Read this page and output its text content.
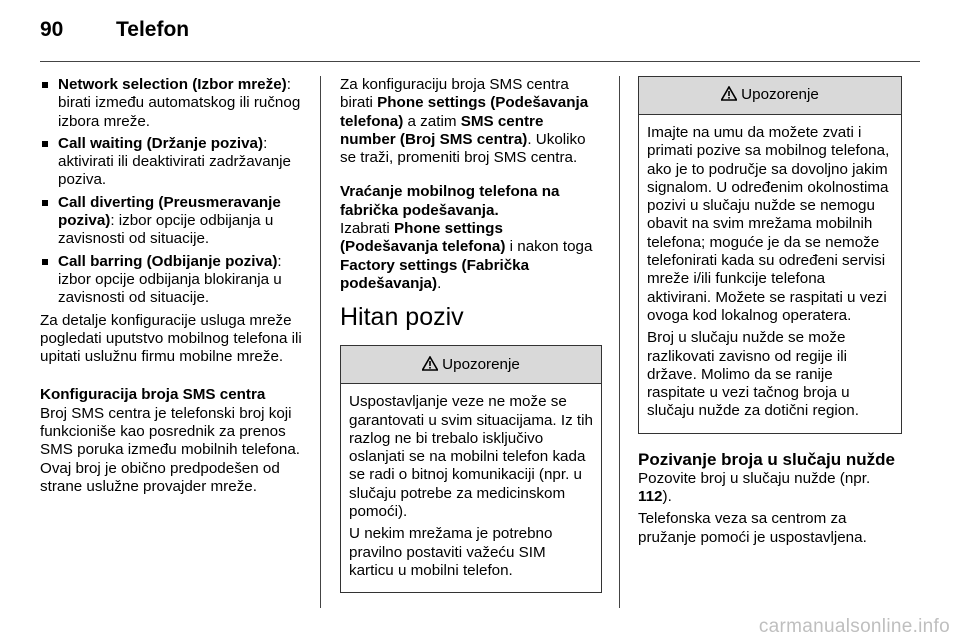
90	Telefon
Network selection (Izbor mreže):
birati između automatskog ili ručnog izbora mreže.
Call waiting (Držanje poziva):
aktivirati ili deaktivirati zadržavanje poziva.
Call diverting (Preusmeravanje poziva): izbor opcije odbijanja u zavisnosti od situacije.
Call barring (Odbijanje poziva):
izbor opcije odbijanja blokiranja u zavisnosti od situacije.
Za detalje konfiguracije usluga mreže pogledati uputstvo mobilnog telefona ili upitati uslužnu firmu mobilne mreže.
Konfiguracija broja SMS centra
Broj SMS centra je telefonski broj koji funkcioniše kao posrednik za prenos SMS poruka između mobilnih telefona. Ovaj broj je obično predpodešen od strane uslužne provajder mreže.
Za konfiguraciju broja SMS centra birati Phone settings (Podešavanja telefona) a zatim SMS centre number (Broj SMS centra). Ukoliko se traži, promeniti broj SMS centra.
Vraćanje mobilnog telefona na fabrička podešavanja.
Izabrati Phone settings (Podešavanja telefona) i nakon toga Factory settings (Fabrička podešavanja).
Hitan poziv
Upozorenje
Uspostavljanje veze ne može se garantovati u svim situacijama. Iz tih razlog ne bi trebalo isključivo oslanjati se na mobilni telefon kada se radi o bitnoj komunikaciji (npr. u slučaju potrebe za medicinskom pomoći).
U nekim mrežama je potrebno pravilno postaviti važeću SIM karticu u mobilni telefon.
Upozorenje
Imajte na umu da možete zvati i primati pozive sa mobilnog telefona, ako je to područje sa dovoljno jakim signalom. U određenim okolnostima pozivi u slučaju nužde se nemogu obavit na svim mrežama mobilnih telefona; moguće je da se nemože telefonirati kada su određeni servisi mreže i/ili funkcije telefona aktivirani. Možete se raspitati u vezi ovoga kod lokalnog operatera.
Broj u slučaju nužde se može razlikovati zavisno od regije ili države. Molimo da se ranije raspitate u vezi tačnog broja u slučaju nužde za dotični region.
Pozivanje broja u slučaju nužde
Pozovite broj u slučaju nužde (npr. 112).
Telefonska veza sa centrom za pružanje pomoći je uspostavljena.
carmanualsonline.info
